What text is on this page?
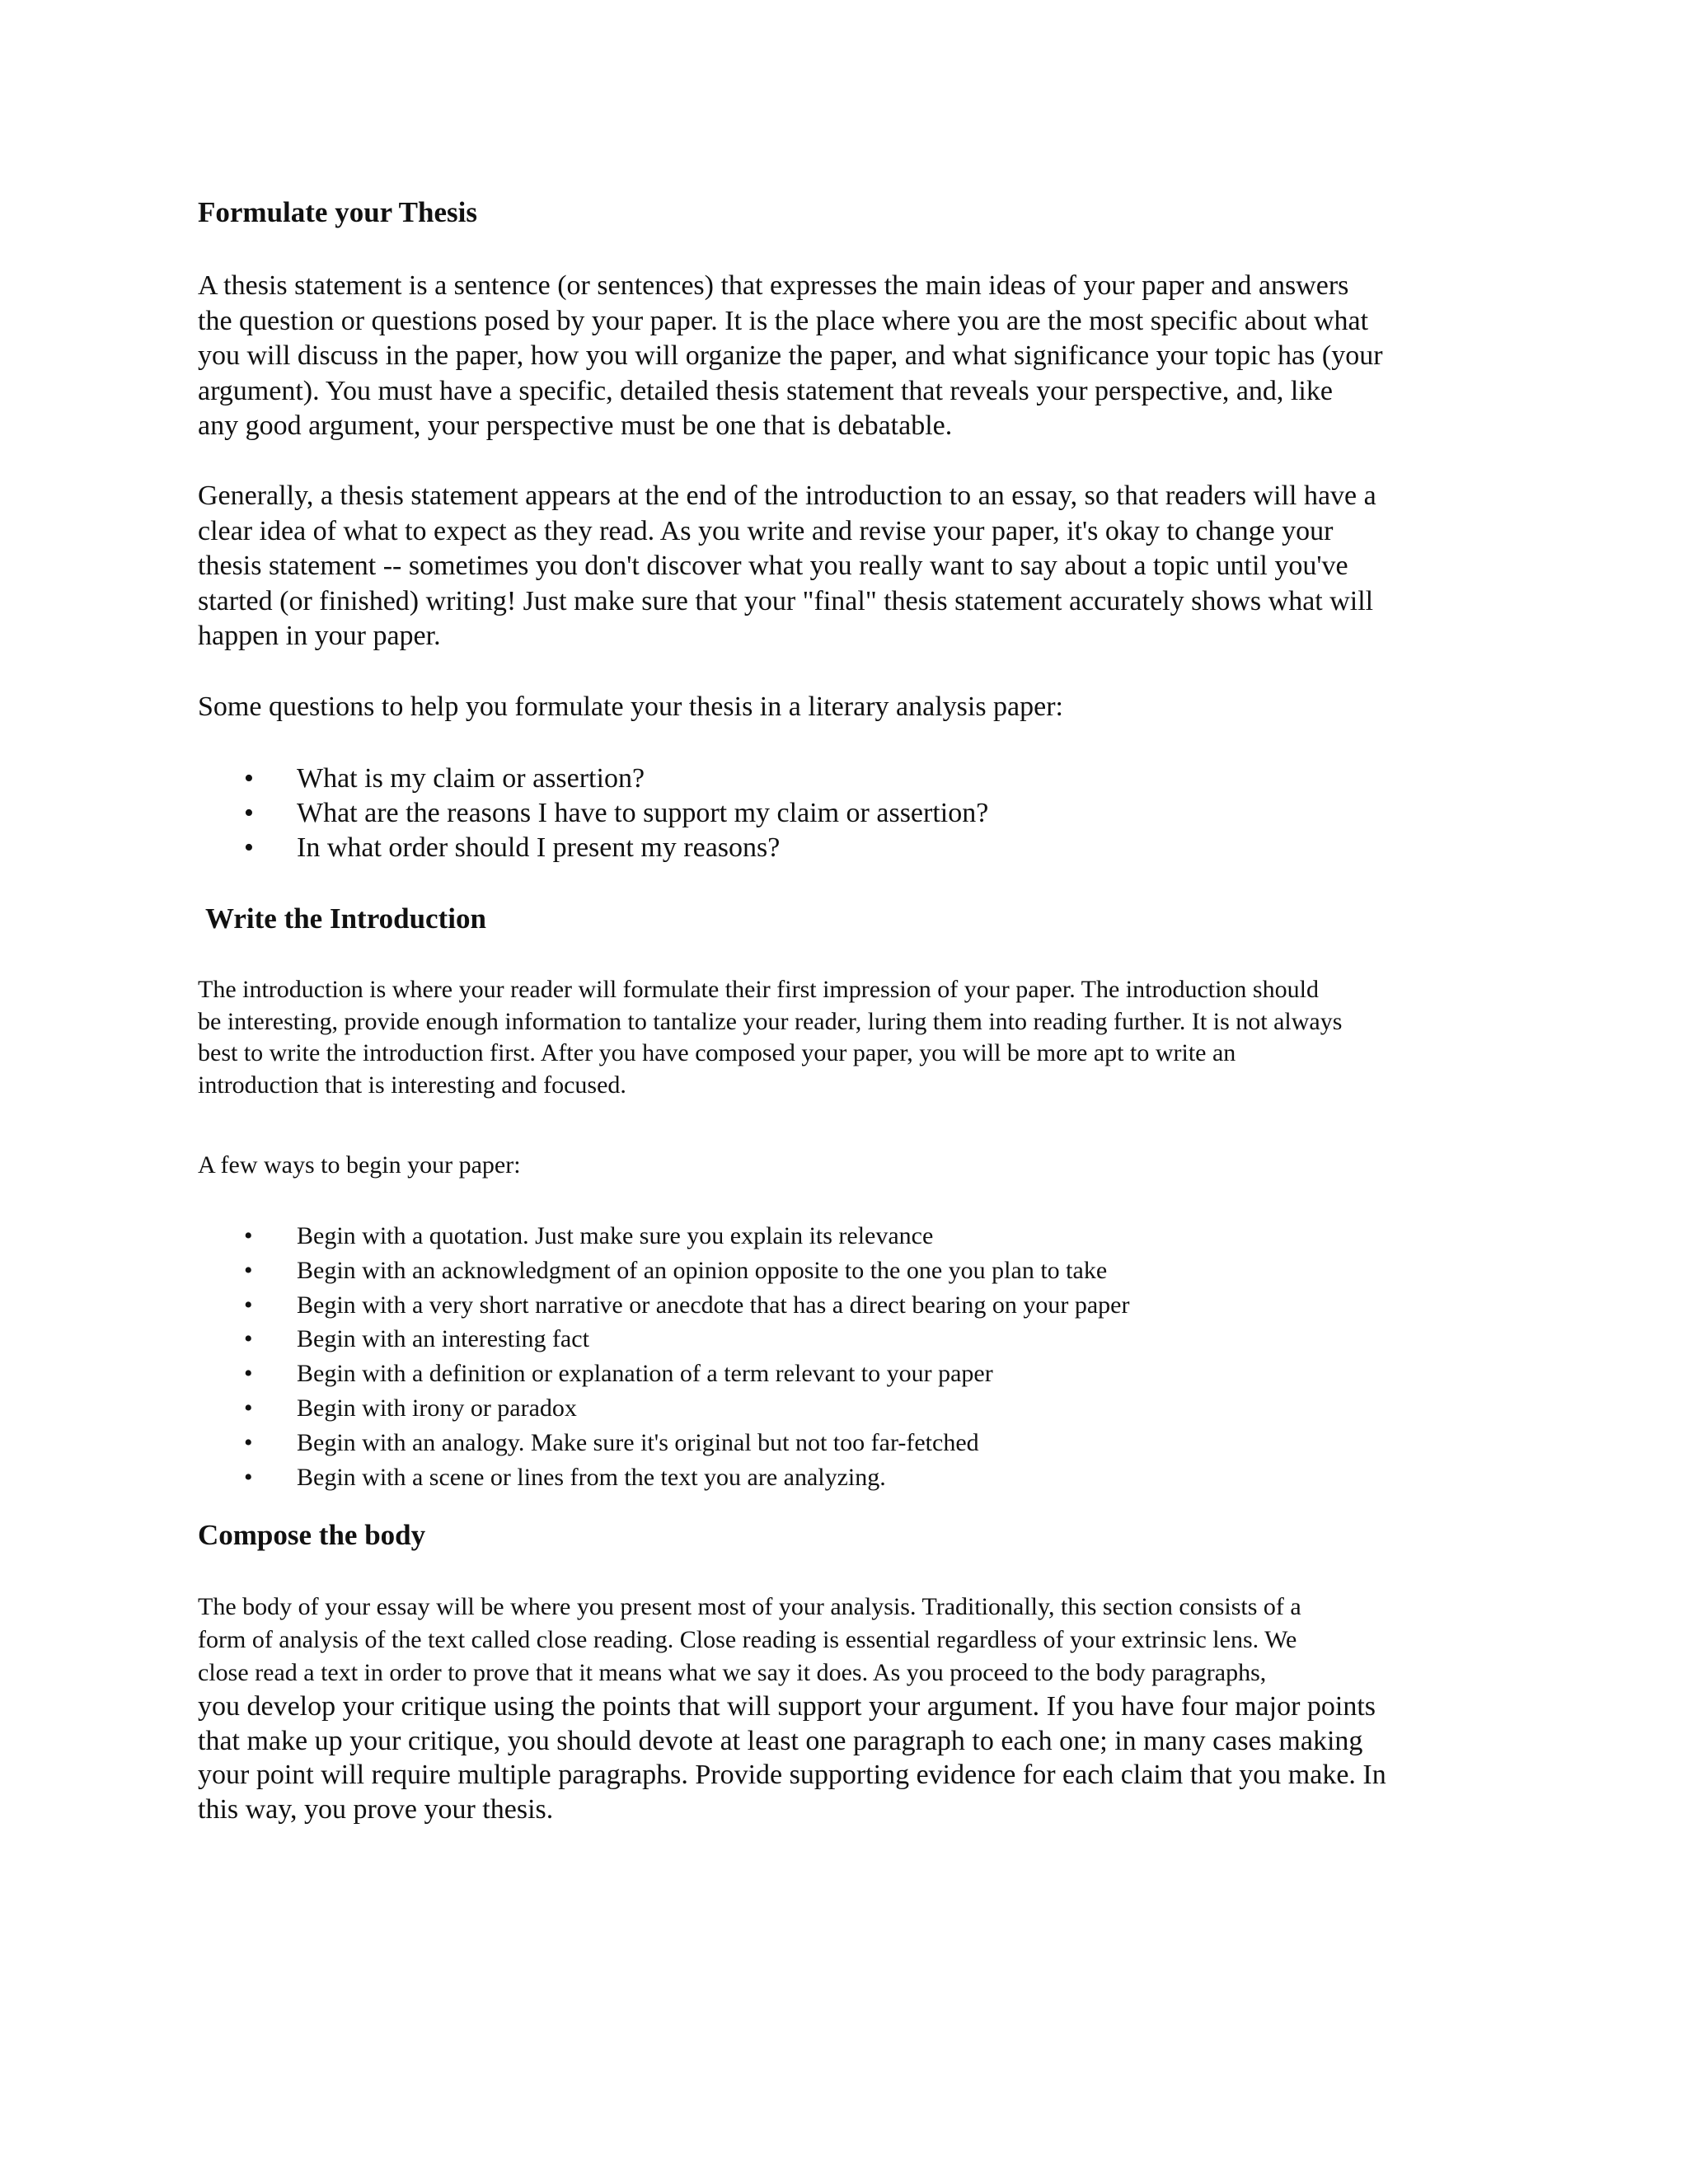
Formulate your Thesis

A thesis statement is a sentence (or sentences) that expresses the main ideas of your paper and answers
the question or questions posed by your paper. It is the place where you are the most specific about what
you will discuss in the paper, how you will organize the paper, and what significance your topic has (your
argument). You must have a specific, detailed thesis statement that reveals your perspective, and, like
any good argument, your perspective must be one that is debatable.

Generally, a thesis statement appears at the end of the introduction to an essay, so that readers will have a
clear idea of what to expect as they read. As you write and revise your paper, it's okay to change your
thesis statement -- sometimes you don't discover what you really want to say about a topic until you've
started (or finished) writing! Just make sure that your "final" thesis statement accurately shows what will
happen in your paper.

Some questions to help you formulate your thesis in a literary analysis paper:

• What is my claim or assertion?
• What are the reasons I have to support my claim or assertion?
• In what order should I present my reasons?
Write the Introduction

The introduction is where your reader will formulate their first impression of your paper. The introduction should
be interesting, provide enough information to tantalize your reader, luring them into reading further. It is not always
best to write the introduction first. After you have composed your paper, you will be more apt to write an
introduction that is interesting and focused.

A few ways to begin your paper:

• Begin with a quotation. Just make sure you explain its relevance
• Begin with an acknowledgment of an opinion opposite to the one you plan to take
• Begin with a very short narrative or anecdote that has a direct bearing on your paper
• Begin with an interesting fact
• Begin with a definition or explanation of a term relevant to your paper
• Begin with irony or paradox
• Begin with an analogy. Make sure it's original but not too far-fetched
• Begin with a scene or lines from the text you are analyzing.
Compose the body
The body of your essay will be where you present most of your analysis. Traditionally, this section consists of a
form of analysis of the text called close reading. Close reading is essential regardless of your extrinsic lens. We
close read a text in order to prove that it means what we say it does. As you proceed to the body paragraphs,
you develop your critique using the points that will support your argument. If you have four major points
that make up your critique, you should devote at least one paragraph to each one; in many cases making
your point will require multiple paragraphs. Provide supporting evidence for each claim that you make. In
this way, you prove your thesis.
